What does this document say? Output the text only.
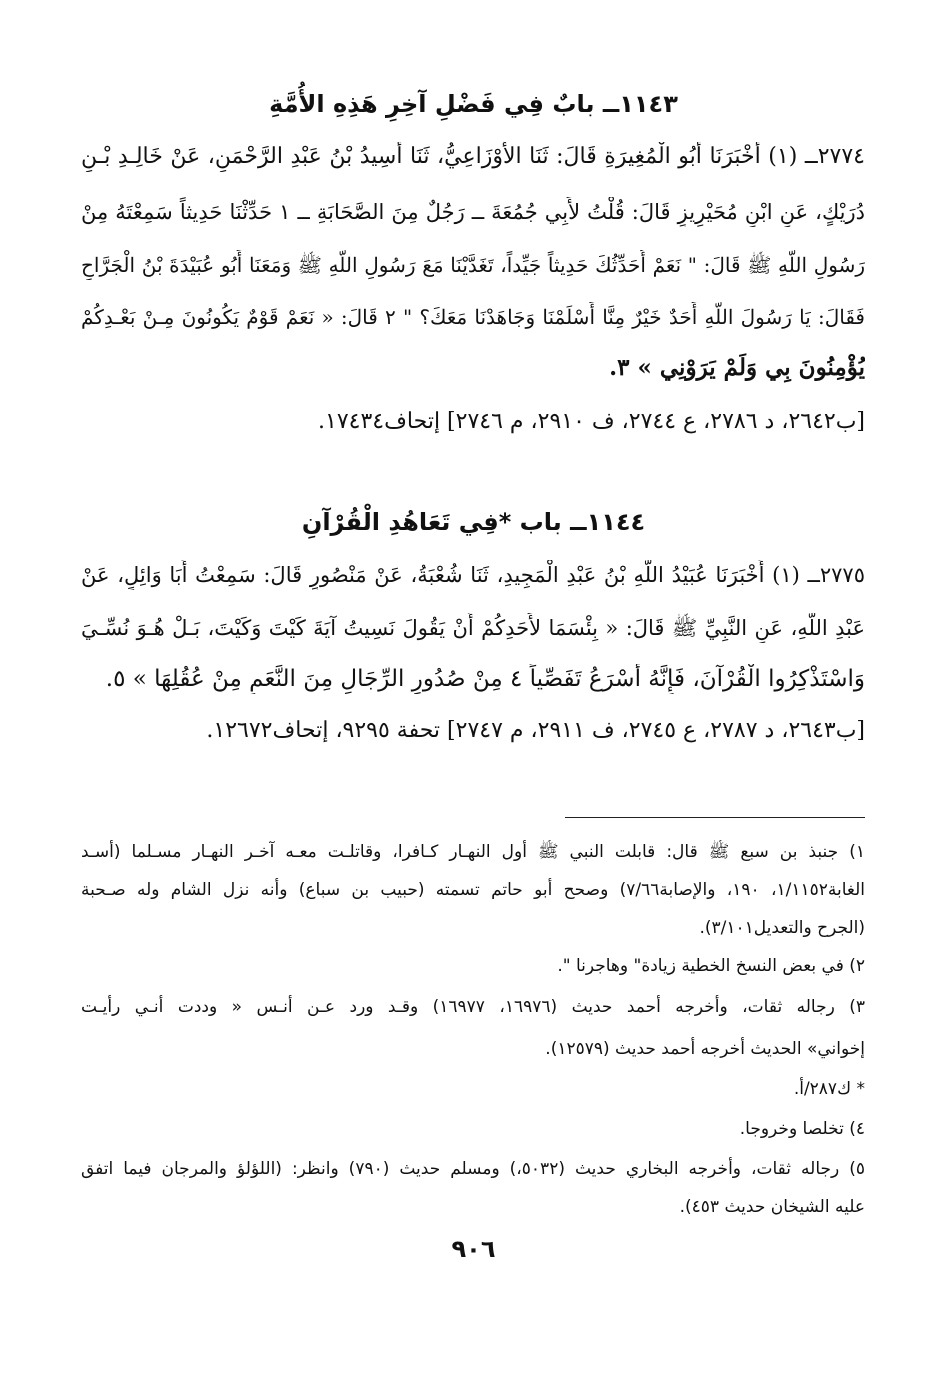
١١٤٣ــ بابٌ فِي فَضْلِ آخِرِ هَذِهِ الأُمَّةِ
٢٧٧٤ــ (١) أَخْبَرَنَا أَبُو الْمُغِيرَةِ قَالَ: ثَنَا الأَوْزَاعِيُّ، ثَنَا أَسِيدُ بْنُ عَبْدِ الرَّحْمَنِ، عَنْ خَالِـدِ بْـنِ
دُرَيْكٍ، عَنِ ابْنِ مُحَيْرِيزٍ قَالَ: قُلْتُ لأَبِي جُمُعَةَ ــ رَجُلٌ مِنَ الصَّحَابَةِ ــ ١ حَدِّثْنَا حَدِيثاً سَمِعْتَهُ مِنْ
رَسُولِ اللَّهِ ﷺ قَالَ: " نَعَمْ أُحَدِّثُكَ حَدِيثاً جَيِّداً، تَغَدَّيْنَا مَعَ رَسُولِ اللَّهِ ﷺ وَمَعَنَا أَبُو عُبَيْدَةَ بْنُ الْجَرَّاحِ
فَقَالَ: يَا رَسُولَ اللَّهِ أَحَدٌ خَيْرٌ مِنَّا أَسْلَمْنَا وَجَاهَدْنَا مَعَكَ؟ " ٢ قَالَ: « نَعَمْ قَوْمٌ يَكُونُونَ مِـنْ بَعْـدِكُمْ
يُؤْمِنُونَ بِي وَلَمْ يَرَوْنِي » ٣.
[ب٢٦٤٢، د ٢٧٨٦، ع ٢٧٤٤، ف ٢٩١٠، م ٢٧٤٦] إتحاف١٧٤٣٤.
١١٤٤ــ باب *فِي تَعَاهُدِ الْقُرْآنِ
٢٧٧٥ــ (١) أَخْبَرَنَا عُبَيْدُ اللَّهِ بْنُ عَبْدِ الْمَجِيدِ، ثَنَا شُعْبَةُ، عَنْ مَنْصُورٍ قَالَ: سَمِعْتُ أَبَا وَائِلٍ، عَنْ
عَبْدِ اللَّهِ، عَنِ النَّبِيِّ ﷺ قَالَ: « بِئْسَمَا لأَحَدِكُمْ أَنْ يَقُولَ نَسِيتُ آيَةَ كَيْتَ وَكَيْتَ، بَـلْ هُـوَ نُسِّـيَ
وَاسْتَذْكِرُوا الْقُرْآنَ، فَإِنَّهُ أَسْرَعُ تَفَصِّياً ٤ مِنْ صُدُورِ الرِّجَالِ مِنَ النَّعَمِ مِنْ عُقُلِهَا » ٥.
[ب٢٦٤٣، د ٢٧٨٧، ع ٢٧٤٥، ف ٢٩١١، م ٢٧٤٧] تحفة ٩٢٩٥، إتحاف١٢٦٧٢.
١) جنبذ بن سبع ﷺ قال: قابلت النبي ﷺ أول النهـار كـافرا، وقاتلـت معـه آخـر النهـار مسـلما (أسـد
الغابة١/١١٥٢، ١٩٠، والإصابة٧/٦٦) وصحح أبو حاتم تسمته (حبيب بن سباع) وأنه نزل الشام وله صـحبة
(الجرح والتعديل٣/١٠١).
٢) في بعض النسخ الخطية زيادة" وهاجرنا ".
٣) رجاله ثقات، وأخرجه أحمد حديث (١٦٩٧٦، ١٦٩٧٧) وقـد ورد عـن أنـس « وددت أنـي رأيـت
إخواني» الحديث أخرجه أحمد حديث (١٢٥٧٩).
* ك٢٨٧/أ.
٤) تخلصا وخروجا.
٥) رجاله ثقات، وأخرجه البخاري حديث (٥٠٣٢،) ومسلم حديث (٧٩٠) وانظر: (اللؤلؤ والمرجان فيما اتفق
عليه الشيخان حديث ٤٥٣).
٩٠٦
